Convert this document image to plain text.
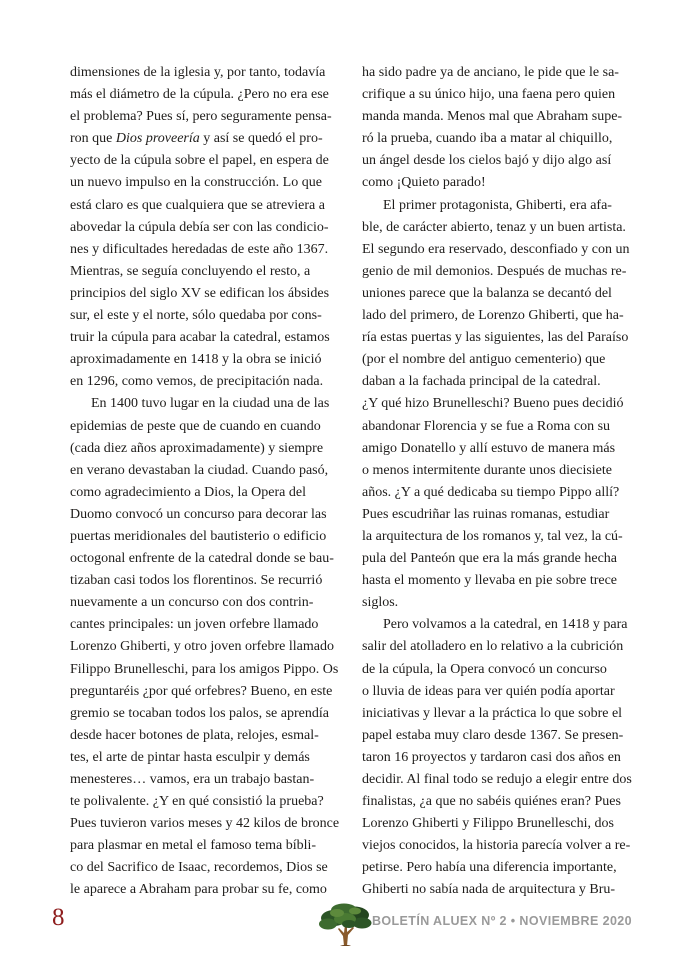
dimensiones de la iglesia y, por tanto, todavía
más el diámetro de la cúpula. ¿Pero no era ese
el problema? Pues sí, pero seguramente pensa-
ron que Dios proveería y así se quedó el pro-
yecto de la cúpula sobre el papel, en espera de
un nuevo impulso en la construcción. Lo que
está claro es que cualquiera que se atreviera a
abovedar la cúpula debía ser con las condicio-
nes y dificultades heredadas de este año 1367.
Mientras, se seguía concluyendo el resto, a
principios del siglo XV se edifican los ábsides
sur, el este y el norte, sólo quedaba por cons-
truir la cúpula para acabar la catedral, estamos
aproximadamente en 1418 y la obra se inició
en 1296, como vemos, de precipitación nada.
En 1400 tuvo lugar en la ciudad una de las
epidemias de peste que de cuando en cuando
(cada diez años aproximadamente) y siempre
en verano devastaban la ciudad. Cuando pasó,
como agradecimiento a Dios, la Opera del
Duomo convocó un concurso para decorar las
puertas meridionales del bautisterio o edificio
octogonal enfrente de la catedral donde se bau-
tizaban casi todos los florentinos. Se recurrió
nuevamente a un concurso con dos contrin-
cantes principales: un joven orfebre llamado
Lorenzo Ghiberti, y otro joven orfebre llamado
Filippo Brunelleschi, para los amigos Pippo. Os
preguntaréis ¿por qué orfebres? Bueno, en este
gremio se tocaban todos los palos, se aprendía
desde hacer botones de plata, relojes, esmal-
tes, el arte de pintar hasta esculpir y demás
menesteres… vamos, era un trabajo bastan-
te polivalente. ¿Y en qué consistió la prueba?
Pues tuvieron varios meses y 42 kilos de bronce
para plasmar en metal el famoso tema bíbli-
co del Sacrifico de Isaac, recordemos, Dios se
le aparece a Abraham para probar su fe, como
ha sido padre ya de anciano, le pide que le sa-
crifique a su único hijo, una faena pero quien
manda manda. Menos mal que Abraham supe-
ró la prueba, cuando iba a matar al chiquillo,
un ángel desde los cielos bajó y dijo algo así
como ¡Quieto parado!
El primer protagonista, Ghiberti, era afa-
ble, de carácter abierto, tenaz y un buen artista.
El segundo era reservado, desconfiado y con un
genio de mil demonios. Después de muchas re-
uniones parece que la balanza se decantó del
lado del primero, de Lorenzo Ghiberti, que ha-
ría estas puertas y las siguientes, las del Paraíso
(por el nombre del antiguo cementerio) que
daban a la fachada principal de la catedral.
¿Y qué hizo Brunelleschi? Bueno pues decidió
abandonar Florencia y se fue a Roma con su
amigo Donatello y allí estuvo de manera más
o menos intermitente durante unos diecisiete
años. ¿Y a qué dedicaba su tiempo Pippo allí?
Pues escudriñar las ruinas romanas, estudiar
la arquitectura de los romanos y, tal vez, la cú-
pula del Panteón que era la más grande hecha
hasta el momento y llevaba en pie sobre trece
siglos.
Pero volvamos a la catedral, en 1418 y para
salir del atolladero en lo relativo a la cubrición
de la cúpula, la Opera convocó un concurso
o lluvia de ideas para ver quién podía aportar
iniciativas y llevar a la práctica lo que sobre el
papel estaba muy claro desde 1367. Se presen-
taron 16 proyectos y tardaron casi dos años en
decidir. Al final todo se redujo a elegir entre dos
finalistas, ¿a que no sabéis quiénes eran? Pues
Lorenzo Ghiberti y Filippo Brunelleschi, dos
viejos conocidos, la historia parecía volver a re-
petirse. Pero había una diferencia importante,
Ghiberti no sabía nada de arquitectura y Bru-
8	BOLETÍN ALUEX Nº 2 • NOVIEMBRE 2020
